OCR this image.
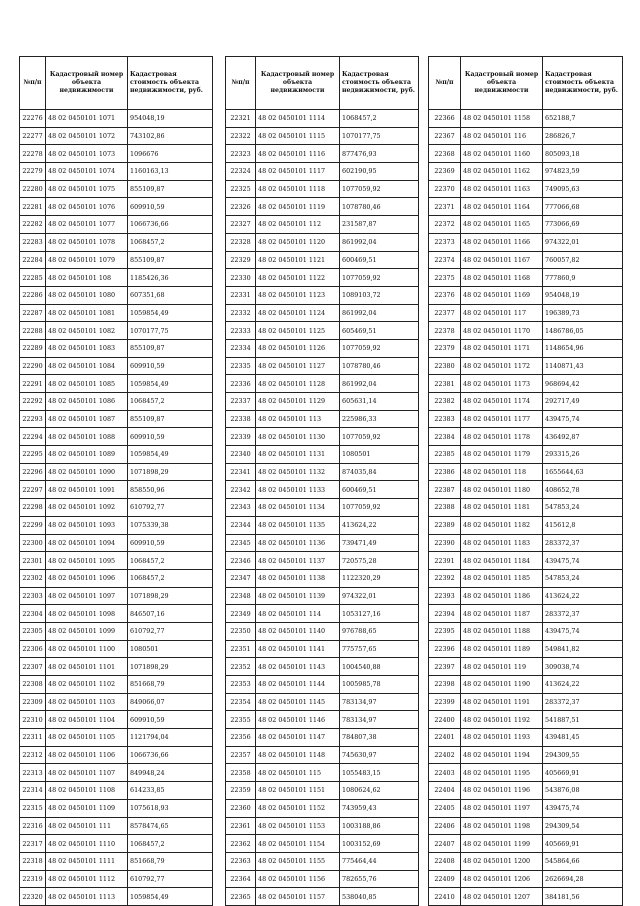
№п/п	Кадастровый номер объекта недвижимости	Кадастровая стоимость объекта недвижимости, руб.
22276	48 02 0450101 1071	954048,19
22277	48 02 0450101 1072	743102,86
22278	48 02 0450101 1073	1096676
22279	48 02 0450101 1074	1160163,13
22280	48 02 0450101 1075	855109,87
22281	48 02 0450101 1076	609910,59
22282	48 02 0450101 1077	1066736,66
22283	48 02 0450101 1078	1068457,2
22284	48 02 0450101 1079	855109,87
22285	48 02 0450101 108	1185426,36
22286	48 02 0450101 1080	607351,68
22287	48 02 0450101 1081	1059854,49
22288	48 02 0450101 1082	1070177,75
22289	48 02 0450101 1083	855109,87
22290	48 02 0450101 1084	609910,59
22291	48 02 0450101 1085	1059854,49
22292	48 02 0450101 1086	1068457,2
22293	48 02 0450101 1087	855109,87
22294	48 02 0450101 1088	609910,59
22295	48 02 0450101 1089	1059854,49
22296	48 02 0450101 1090	1071898,29
22297	48 02 0450101 1091	858550,96
22298	48 02 0450101 1092	610792,77
22299	48 02 0450101 1093	1075339,38
22300	48 02 0450101 1094	609910,59
22301	48 02 0450101 1095	1068457,2
22302	48 02 0450101 1096	1068457,2
22303	48 02 0450101 1097	1071898,29
22304	48 02 0450101 1098	846507,16
22305	48 02 0450101 1099	610792,77
22306	48 02 0450101 1100	1080501
22307	48 02 0450101 1101	1071898,29
22308	48 02 0450101 1102	851668,79
22309	48 02 0450101 1103	849066,07
22310	48 02 0450101 1104	609910,59
22311	48 02 0450101 1105	1121794,04
22312	48 02 0450101 1106	1066736,66
22313	48 02 0450101 1107	849948,24
22314	48 02 0450101 1108	614233,85
22315	48 02 0450101 1109	1075618,93
22316	48 02 0450101 111	8578474,65
22317	48 02 0450101 1110	1068457,2
22318	48 02 0450101 1111	851668,79
22319	48 02 0450101 1112	610792,77
22320	48 02 0450101 1113	1059854,49
№п/п	Кадастровый номер объекта недвижимости	Кадастровая стоимость объекта недвижимости, руб.
22321	48 02 0450101 1114	1068457,2
22322	48 02 0450101 1115	1070177,75
22323	48 02 0450101 1116	877476,93
22324	48 02 0450101 1117	602190,95
22325	48 02 0450101 1118	1077059,92
22326	48 02 0450101 1119	1078780,46
22327	48 02 0450101 112	231587,87
22328	48 02 0450101 1120	861992,04
22329	48 02 0450101 1121	600469,51
22330	48 02 0450101 1122	1077059,92
22331	48 02 0450101 1123	1089103,72
22332	48 02 0450101 1124	861992,04
22333	48 02 0450101 1125	605469,51
22334	48 02 0450101 1126	1077059,92
22335	48 02 0450101 1127	1078780,46
22336	48 02 0450101 1128	861992,04
22337	48 02 0450101 1129	605631,14
22338	48 02 0450101 113	225986,33
22339	48 02 0450101 1130	1077059,92
22340	48 02 0450101 1131	1080501
22341	48 02 0450101 1132	874035,84
22342	48 02 0450101 1133	600469,51
22343	48 02 0450101 1134	1077059,92
22344	48 02 0450101 1135	413624,22
22345	48 02 0450101 1136	739471,49
22346	48 02 0450101 1137	720575,28
22347	48 02 0450101 1138	1122320,29
22348	48 02 0450101 1139	974322,01
22349	48 02 0450101 114	1053127,16
22350	48 02 0450101 1140	976788,65
22351	48 02 0450101 1141	775757,65
22352	48 02 0450101 1143	1004540,88
22353	48 02 0450101 1144	1005985,78
22354	48 02 0450101 1145	783134,97
22355	48 02 0450101 1146	783134,97
22356	48 02 0450101 1147	784807,38
22357	48 02 0450101 1148	745630,97
22358	48 02 0450101 115	1055483,15
22359	48 02 0450101 1151	1080624,62
22360	48 02 0450101 1152	743959,43
22361	48 02 0450101 1153	1003188,86
22362	48 02 0450101 1154	1003152,69
22363	48 02 0450101 1155	775464,44
22364	48 02 0450101 1156	782655,76
22365	48 02 0450101 1157	538040,85
№п/п	Кадастровый номер объекта недвижимости	Кадастровая стоимость объекта недвижимости, руб.
22366	48 02 0450101 1158	652188,7
22367	48 02 0450101 116	286826,7
22368	48 02 0450101 1160	805093,18
22369	48 02 0450101 1162	974823,59
22370	48 02 0450101 1163	749095,63
22371	48 02 0450101 1164	777066,68
22372	48 02 0450101 1165	773066,69
22373	48 02 0450101 1166	974322,01
22374	48 02 0450101 1167	760057,82
22375	48 02 0450101 1168	777860,9
22376	48 02 0450101 1169	954048,19
22377	48 02 0450101 117	196389,73
22378	48 02 0450101 1170	1486786,05
22379	48 02 0450101 1171	1148654,96
22380	48 02 0450101 1172	1140871,43
22381	48 02 0450101 1173	968694,42
22382	48 02 0450101 1174	292717,49
22383	48 02 0450101 1177	439475,74
22384	48 02 0450101 1178	436492,87
22385	48 02 0450101 1179	293315,26
22386	48 02 0450101 118	1655644,63
22387	48 02 0450101 1180	408652,78
22388	48 02 0450101 1181	547853,24
22389	48 02 0450101 1182	415612,8
22390	48 02 0450101 1183	283372,37
22391	48 02 0450101 1184	439475,74
22392	48 02 0450101 1185	547853,24
22393	48 02 0450101 1186	413624,22
22394	48 02 0450101 1187	283372,37
22395	48 02 0450101 1188	439475,74
22396	48 02 0450101 1189	549841,82
22397	48 02 0450101 119	309038,74
22398	48 02 0450101 1190	413624,22
22399	48 02 0450101 1191	283372,37
22400	48 02 0450101 1192	541887,51
22401	48 02 0450101 1193	439481,45
22402	48 02 0450101 1194	294309,55
22403	48 02 0450101 1195	405669,91
22404	48 02 0450101 1196	543876,08
22405	48 02 0450101 1197	439475,74
22406	48 02 0450101 1198	294309,54
22407	48 02 0450101 1199	405669,91
22408	48 02 0450101 1200	545864,66
22409	48 02 0450101 1206	2626694,28
22410	48 02 0450101 1207	384181,56
